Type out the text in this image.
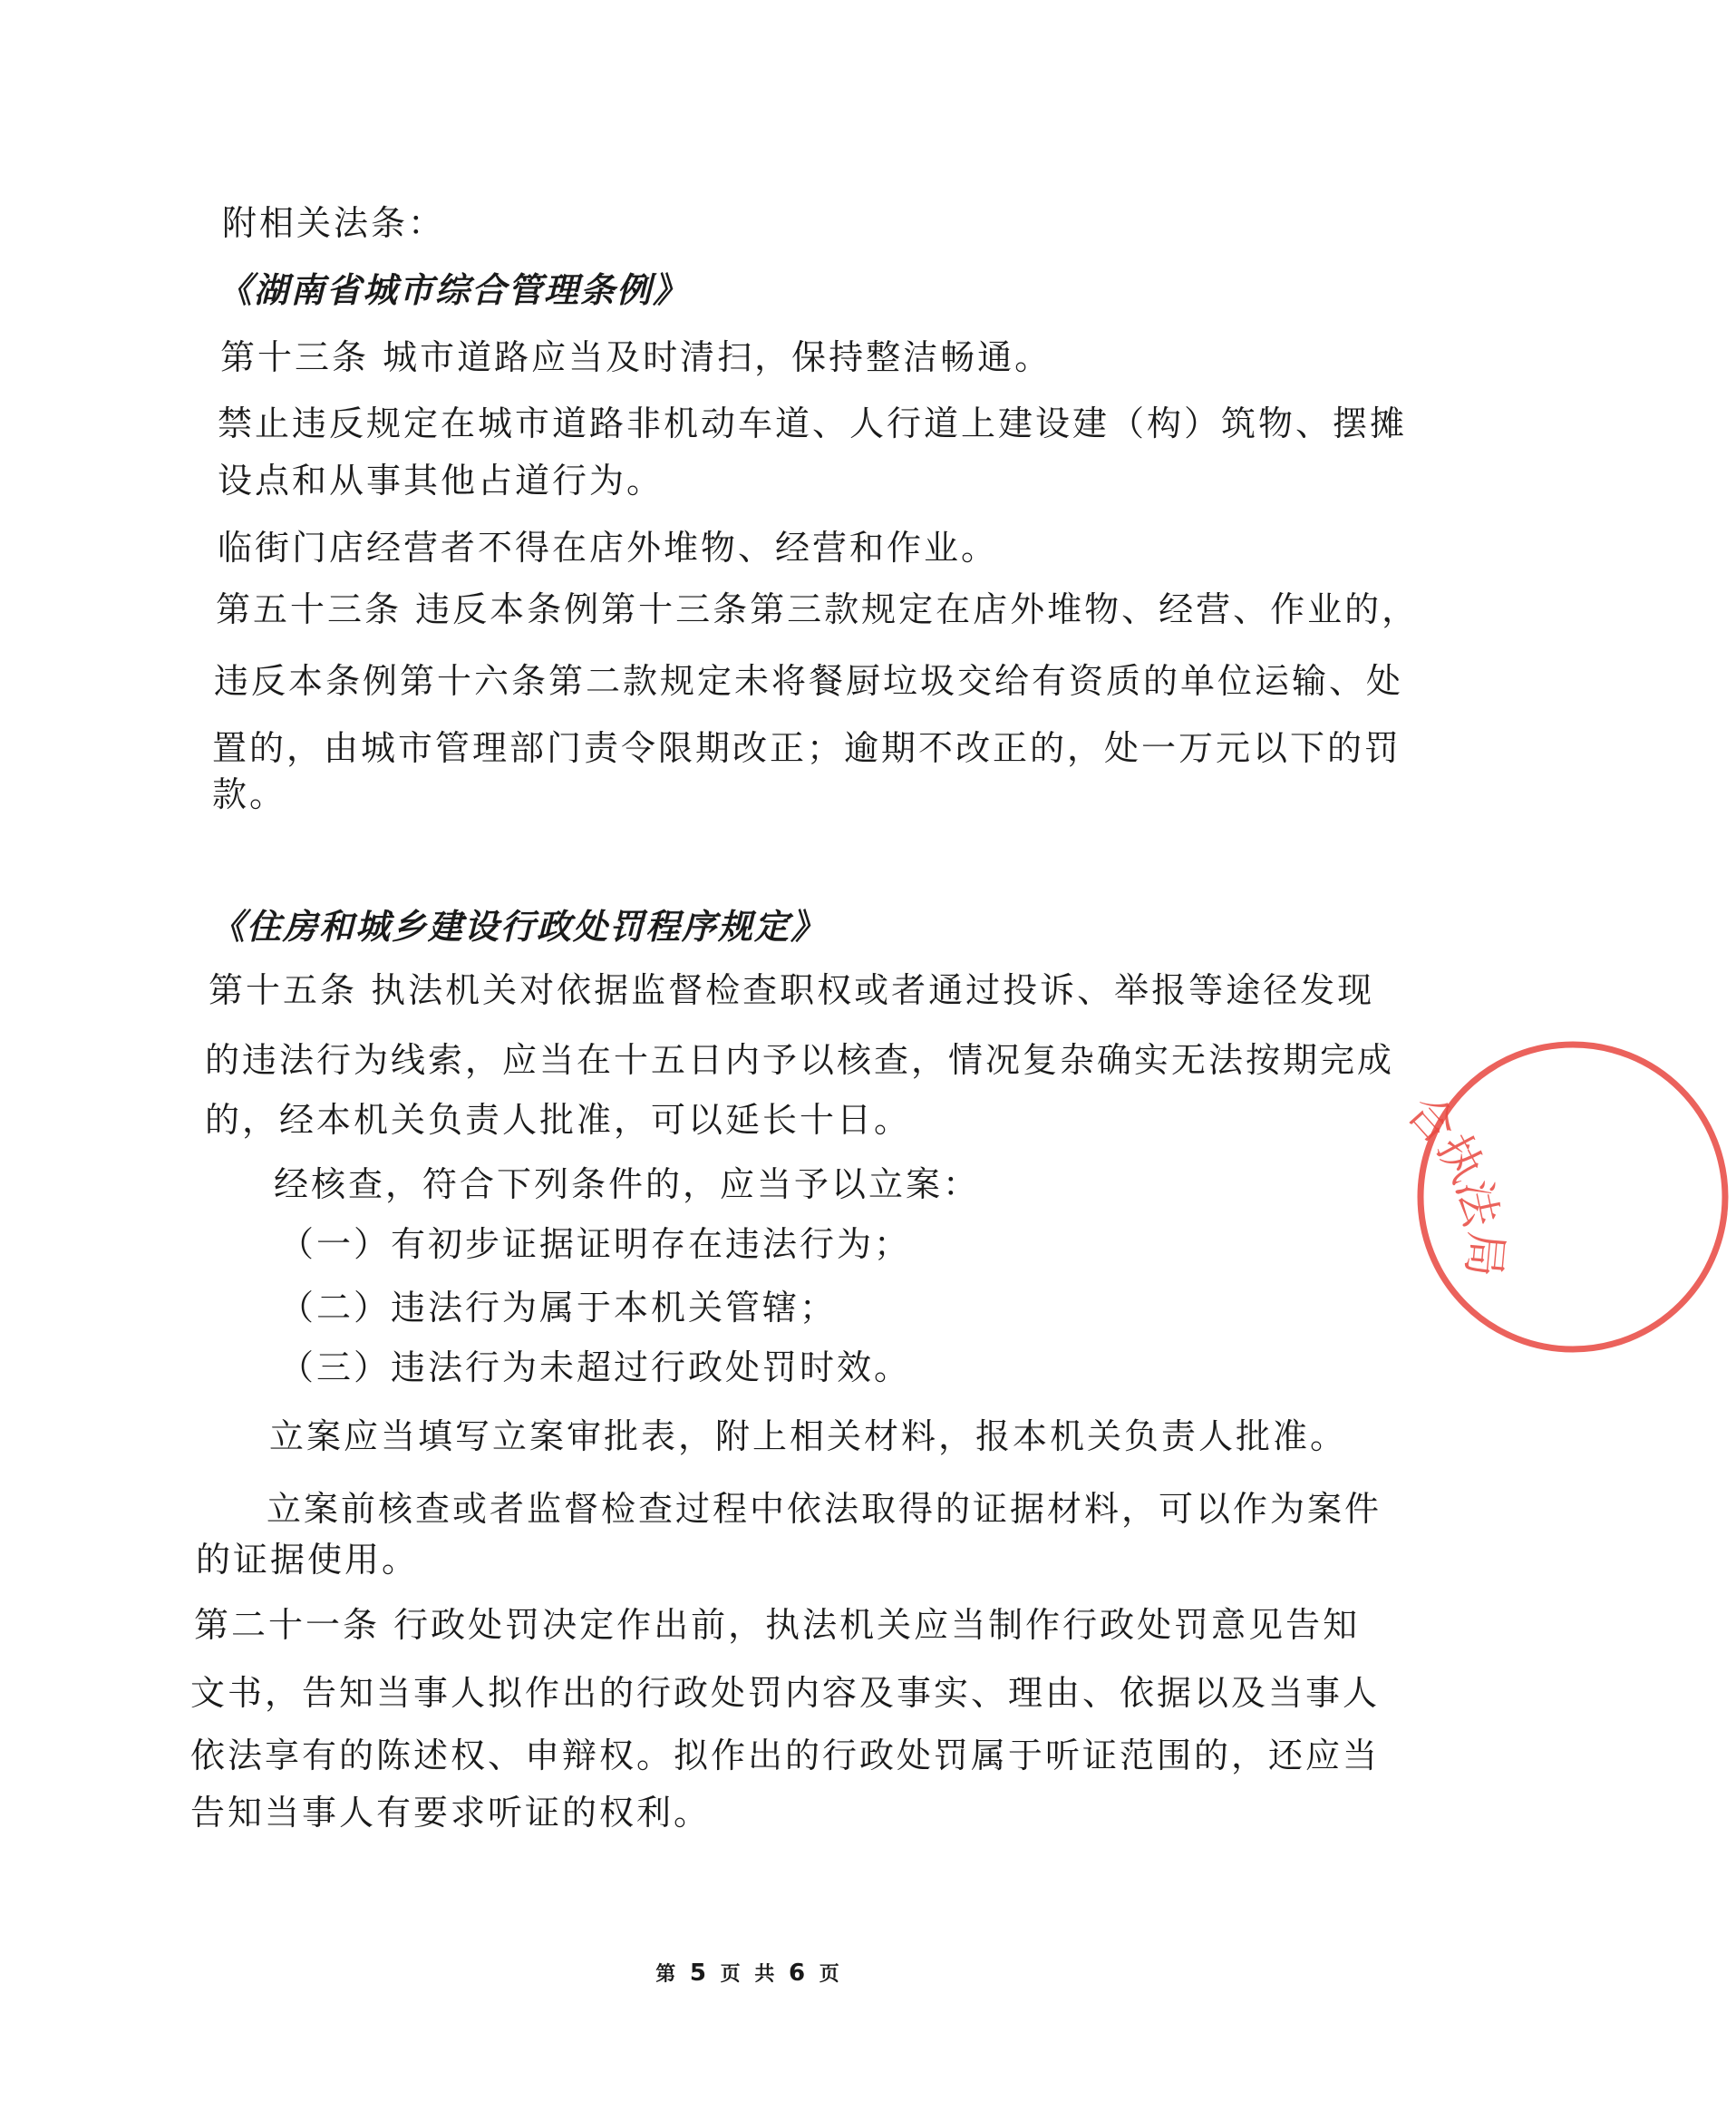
附相关法条：
《湖南省城市综合管理条例》
第十三条 城市道路应当及时清扫，保持整洁畅通。
禁止违反规定在城市道路非机动车道、人行道上建设建（构）筑物、摆摊
设点和从事其他占道行为。
临街门店经营者不得在店外堆物、经营和作业。
第五十三条 违反本条例第十三条第三款规定在店外堆物、经营、作业的，
违反本条例第十六条第二款规定未将餐厨垃圾交给有资质的单位运输、处
置的，由城市管理部门责令限期改正；逾期不改正的，处一万元以下的罚
款。
《住房和城乡建设行政处罚程序规定》
第十五条 执法机关对依据监督检查职权或者通过投诉、举报等途径发现
的违法行为线索，应当在十五日内予以核查，情况复杂确实无法按期完成
的，经本机关负责人批准，可以延长十日。
经核查，符合下列条件的，应当予以立案：
（一）有初步证据证明存在违法行为；
（二）违法行为属于本机关管辖；
（三）违法行为未超过行政处罚时效。
立案应当填写立案审批表，附上相关材料，报本机关负责人批准。
立案前核查或者监督检查过程中依法取得的证据材料，可以作为案件
的证据使用。
第二十一条 行政处罚决定作出前，执法机关应当制作行政处罚意见告知
文书，告知当事人拟作出的行政处罚内容及事实、理由、依据以及当事人
依法享有的陈述权、申辩权。拟作出的行政处罚属于听证范围的，还应当
告知当事人有要求听证的权利。
第 5 页 共 6 页
合
执
法
局
